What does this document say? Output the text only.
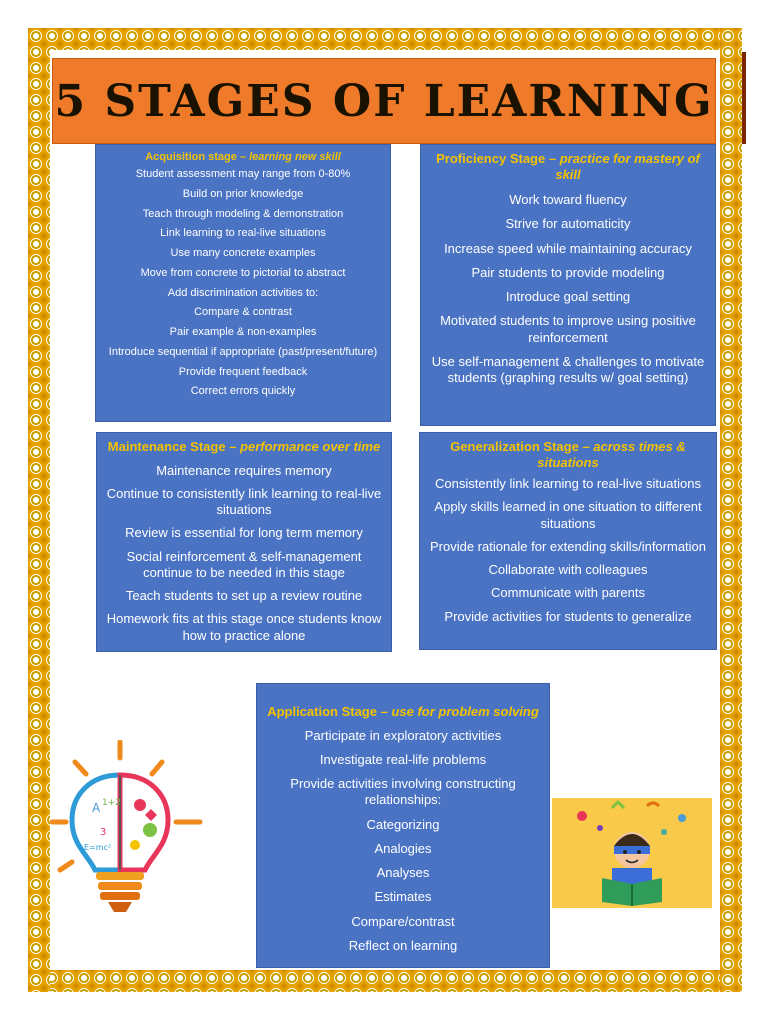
5 STAGES OF LEARNING

Acquisition stage – learning new skill

Student assessment may range from 0-80%

Build on prior knowledge

Teach through modeling & demonstration

Link learning to real-live situations

Use many concrete examples

Move from concrete to pictorial to abstract

Add discrimination activities to:

Compare & contrast

Pair example & non-examples

Introduce sequential if appropriate (past/present/future)

Provide frequent feedback

Correct errors quickly

Proficiency Stage – practice for mastery of skill

Work toward fluency

Strive for automaticity

Increase speed while maintaining accuracy

Pair students to provide modeling

Introduce goal setting

Motivated students to improve using positive reinforcement

Use self-management & challenges to motivate students (graphing results w/ goal setting)

Maintenance Stage – performance over time

Maintenance requires memory

Continue to consistently link learning to real-live situations

Review is essential for long term memory

Social reinforcement & self-management continue to be needed in this stage

Teach students to set up a review routine

Homework fits at this stage once students know how to practice alone

Generalization Stage – across times & situations

Consistently link learning to real-live situations

Apply skills learned in one situation to different situations

Provide rationale for extending skills/information

Collaborate with colleagues

Communicate with parents

Provide activities for students to generalize

Application Stage – use for problem solving

Participate in exploratory activities

Investigate real-life problems

Provide activities involving constructing relationships:

Categorizing

Analogies

Analyses

Estimates

Compare/contrast

Reflect on learning

A 1+2
3
E=mc²
